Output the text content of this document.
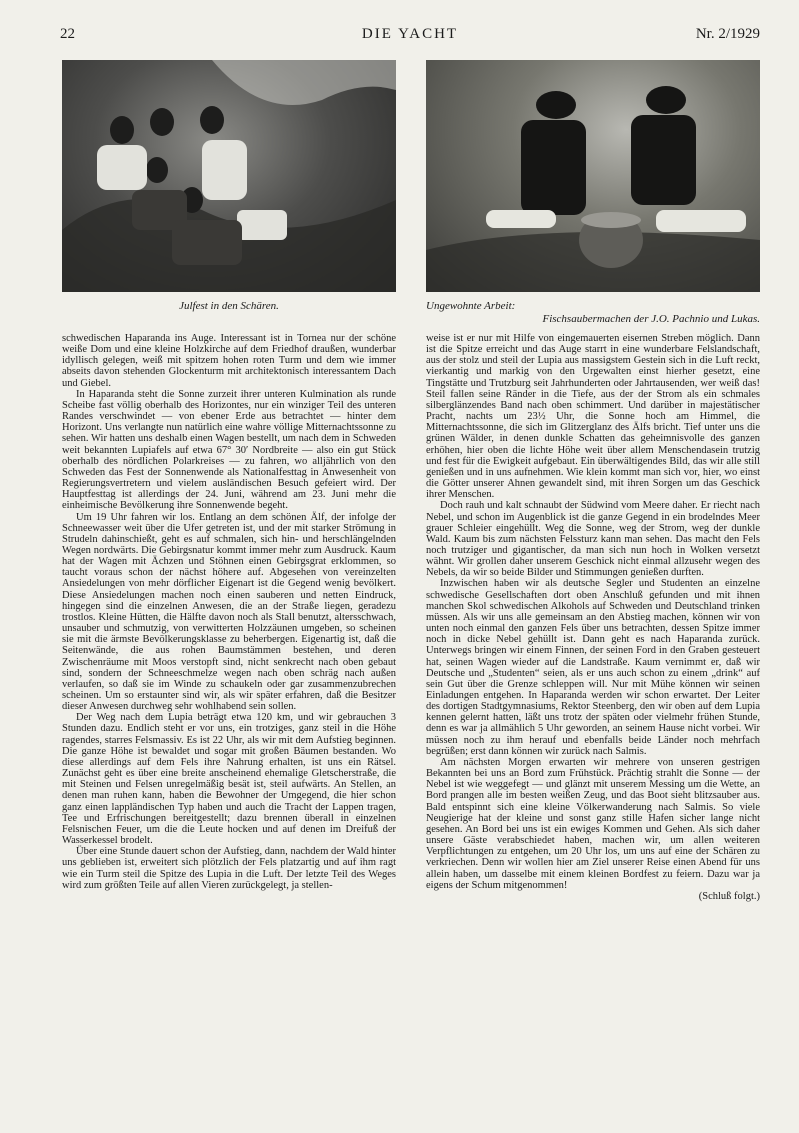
22	DIE YACHT	Nr. 2/1929
Julfest in den Schären.	Ungewohnte Arbeit:
Fischsaubermachen der J.O. Pachnio und Lukas.

schwedischen Haparanda ins Auge. Interessant ist in Tornea nur der schöne weiße Dom und eine kleine Holzkirche auf dem Friedhof draußen, wunderbar idyllisch gelegen, weiß mit spitzem hohen roten Turm und dem wie immer abseits davon stehenden Glockenturm mit architektonisch interessantem Dach und Giebel.

In Haparanda steht die Sonne zurzeit ihrer unteren Kulmination als runde Scheibe fast völlig oberhalb des Horizontes, nur ein winziger Teil des unteren Randes verschwindet — von ebener Erde aus betrachtet — hinter dem Horizont. Uns verlangte nun natürlich eine wahre völlige Mitternachtssonne zu sehen. Wir hatten uns deshalb einen Wagen bestellt, um nach dem in Schweden weit bekannten Lupiafels auf etwa 67° 30′ Nordbreite — also ein gut Stück oberhalb des nördlichen Polarkreises — zu fahren, wo alljährlich von den Schweden das Fest der Sonnenwende als Nationalfesttag in Anwesenheit von Regierungsvertretern und vielem ausländischen Besuch gefeiert wird. Der Hauptfesttag ist allerdings der 24. Juni, während am 23. Juni mehr die einheimische Bevölkerung ihre Sonnenwende begeht.

Um 19 Uhr fahren wir los. Entlang an dem schönen Älf, der infolge der Schneewasser weit über die Ufer getreten ist, und der mit starker Strömung in Strudeln dahinschießt, geht es auf schmalen, sich hin- und herschlängelnden Wegen nordwärts. Die Gebirgsnatur kommt immer mehr zum Ausdruck. Kaum hat der Wagen mit Ächzen und Stöhnen einen Gebirgsgrat erklommen, so taucht voraus schon der nächst höhere auf. Abgesehen von vereinzelten Ansiedelungen von mehr dörflicher Eigenart ist die Gegend wenig bevölkert. Diese Ansiedelungen machen noch einen sauberen und netten Eindruck, hingegen sind die einzelnen Anwesen, die an der Straße liegen, geradezu trostlos. Kleine Hütten, die Hälfte davon noch als Stall benutzt, altersschwach, unsauber und schmutzig, von verwitterten Holzzäunen umgeben, so scheinen sie mit die ärmste Bevölkerungsklasse zu beherbergen. Eigenartig ist, daß die Seitenwände, die aus rohen Baumstämmen bestehen, und deren Zwischenräume mit Moos verstopft sind, nicht senkrecht nach oben gebaut sind, sondern der Schneeschmelze wegen nach oben schräg nach außen verlaufen, so daß sie im Winde zu schaukeln oder gar zusammenzubrechen scheinen. Um so erstaunter sind wir, als wir später erfahren, daß die Besitzer dieser Anwesen durchweg sehr wohlhabend sein sollen.

Der Weg nach dem Lupia beträgt etwa 120 km, und wir gebrauchen 3 Stunden dazu. Endlich steht er vor uns, ein trotziges, ganz steil in die Höhe ragendes, starres Felsmassiv. Es ist 22 Uhr, als wir mit dem Aufstieg beginnen. Die ganze Höhe ist bewaldet und sogar mit großen Bäumen bestanden. Wo diese allerdings auf dem Fels ihre Nahrung erhalten, ist uns ein Rätsel. Zunächst geht es über eine breite anscheinend ehemalige Gletscherstraße, die mit Steinen und Felsen unregelmäßig besät ist, steil aufwärts. An Stellen, an denen man ruhen kann, haben die Bewohner der Umgegend, die hier schon ganz einen lappländischen Typ haben und auch die Tracht der Lappen tragen, Tee und Erfrischungen bereitgestellt; dazu brennen überall in einzelnen Felsnischen Feuer, um die die Leute hocken und auf denen im Dreifuß der Wasserkessel brodelt.

Über eine Stunde dauert schon der Aufstieg, dann, nachdem der Wald hinter uns geblieben ist, erweitert sich plötzlich der Fels platzartig und auf ihm ragt wie ein Turm steil die Spitze des Lupia in die Luft. Der letzte Teil des Weges wird zum größten Teile auf allen Vieren zurückgelegt, ja stellen-

weise ist er nur mit Hilfe von eingemauerten eisernen Streben möglich. Dann ist die Spitze erreicht und das Auge starrt in eine wunderbare Felslandschaft, aus der stolz und steil der Lupia aus massigstem Gestein sich in die Luft reckt, vierkantig und markig von den Urgewalten einst hierher gesetzt, eine Tingstätte und Trutzburg seit Jahrhunderten oder Jahrtausenden, wer weiß das! Steil fallen seine Ränder in die Tiefe, aus der der Strom als ein schmales silberglänzendes Band nach oben schimmert. Und darüber in majestätischer Pracht, nachts um 23½ Uhr, die Sonne hoch am Himmel, die Mitternachtssonne, die sich im Glitzerglanz des Älfs bricht. Tief unter uns die grünen Wälder, in denen dunkle Schatten das geheimnisvolle des ganzen erhöhen, hier oben die lichte Höhe weit über allem Menschendasein trutzig und fest für die Ewigkeit aufgebaut. Ein überwältigendes Bild, das wir alle still genießen und in uns aufnehmen. Wie klein kommt man sich vor, hier, wo einst die Götter unserer Ahnen gewandelt sind, mit ihren Sorgen um das Geschick ihrer Menschen.

Doch rauh und kalt schnaubt der Südwind vom Meere daher. Er riecht nach Nebel, und schon im Augenblick ist die ganze Gegend in ein brodelndes Meer grauer Schleier eingehüllt. Weg die Sonne, weg der Strom, weg der dunkle Wald. Kaum bis zum nächsten Felssturz kann man sehen. Das macht den Fels noch trutziger und gigantischer, da man sich nun hoch in Wolken versetzt wähnt. Wir grollen daher unserem Geschick nicht einmal allzusehr wegen des Nebels, da wir so beide Bilder und Stimmungen genießen durften.

Inzwischen haben wir als deutsche Segler und Studenten an einzelne schwedische Gesellschaften dort oben Anschluß gefunden und mit ihnen manchen Skol schwedischen Alkohols auf Schweden und Deutschland trinken müssen. Als wir uns alle gemeinsam an den Abstieg machen, können wir von unten noch einmal den ganzen Fels über uns betrachten, dessen Spitze immer noch in dicke Nebel gehüllt ist. Dann geht es nach Haparanda zurück. Unterwegs bringen wir einem Finnen, der seinen Ford in den Graben gesteuert hat, seinen Wagen wieder auf die Landstraße. Kaum vernimmt er, daß wir Deutsche und „Studenten“ seien, als er uns auch schon zu einem „drink“ auf sein Gut über die Grenze schleppen will. Nur mit Mühe können wir seinen Einladungen entgehen. In Haparanda werden wir schon erwartet. Der Leiter des dortigen Stadtgymnasiums, Rektor Steenberg, den wir oben auf dem Lupia kennen gelernt hatten, läßt uns trotz der späten oder vielmehr frühen Stunde, denn es war ja allmählich 5 Uhr geworden, an seinem Hause nicht vorbei. Wir müssen noch zu ihm herauf und ebenfalls beide Länder noch mehrfach begrüßen; erst dann können wir zurück nach Salmis.

Am nächsten Morgen erwarten wir mehrere von unseren gestrigen Bekannten bei uns an Bord zum Frühstück. Prächtig strahlt die Sonne — der Nebel ist wie weggefegt — und glänzt mit unserem Messing um die Wette, an Bord prangen alle im besten weißen Zeug, und das Boot sieht blitzsauber aus. Bald entspinnt sich eine kleine Völkerwanderung nach Salmis. So viele Neugierige hat der kleine und sonst ganz stille Hafen sicher lange nicht gesehen. An Bord bei uns ist ein ewiges Kommen und Gehen. Als sich daher unsere Gäste verabschiedet haben, machen wir, um allen weiteren Verpflichtungen zu entgehen, um 20 Uhr los, um uns auf eine der Schären zu verkriechen. Denn wir wollen hier am Ziel unserer Reise einen Abend für uns allein haben, um dasselbe mit einem kleinen Bordfest zu feiern. Dazu war ja eigens der Schum mitgenommen!

(Schluß folgt.)
